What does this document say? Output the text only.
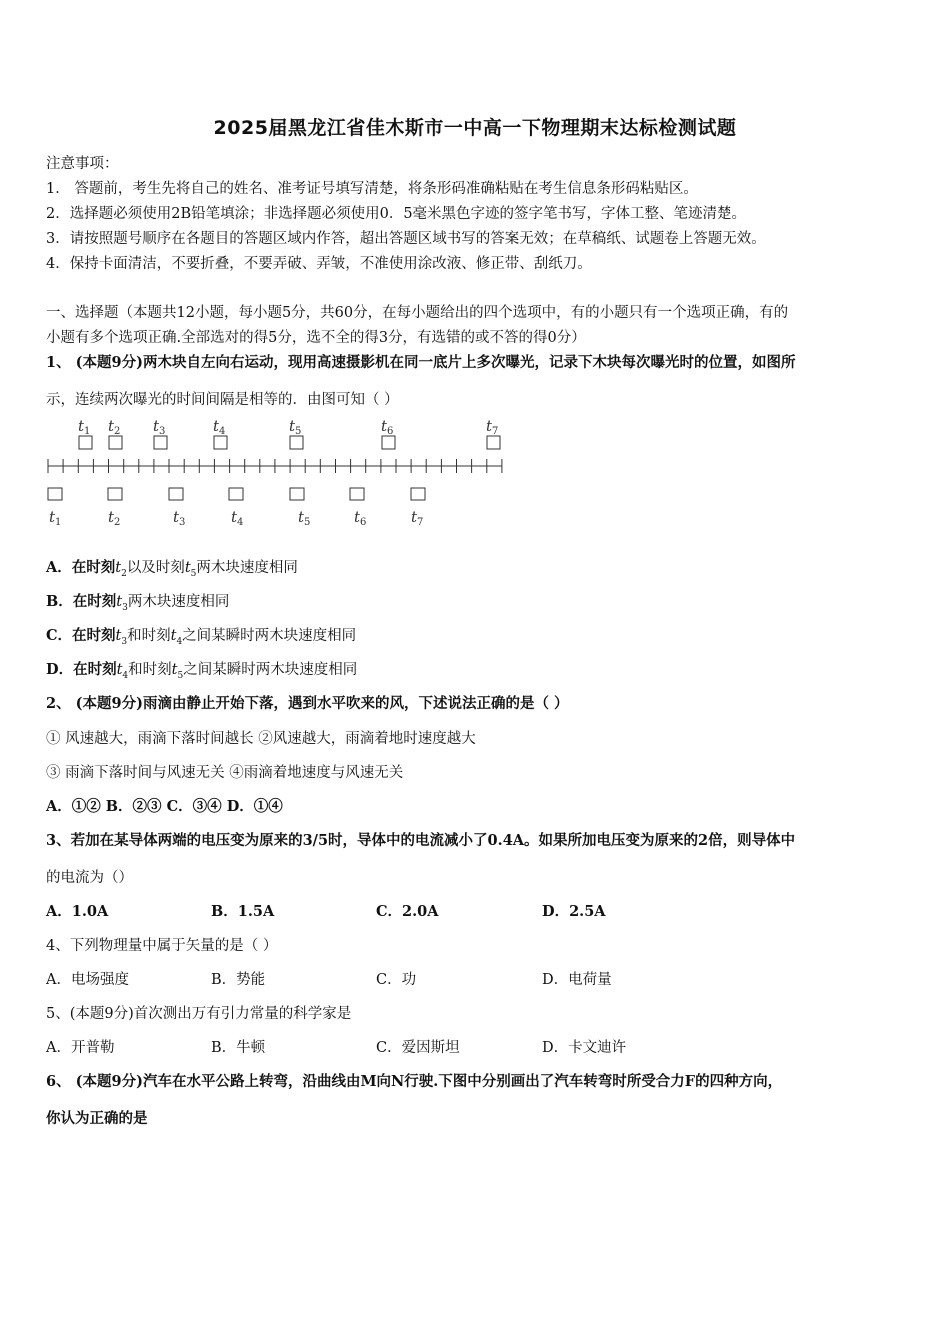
2025届黑龙江省佳木斯市一中高一下物理期末达标检测试题
注意事项：
1． 答题前，考生先将自己的姓名、准考证号填写清楚，将条形码准确粘贴在考生信息条形码粘贴区。
2．选择题必须使用2B铅笔填涂；非选择题必须使用0．5毫米黑色字迹的签字笔书写，字体工整、笔迹清楚。
3．请按照题号顺序在各题目的答题区域内作答，超出答题区域书写的答案无效；在草稿纸、试题卷上答题无效。
4．保持卡面清洁，不要折叠，不要弄破、弄皱，不准使用涂改液、修正带、刮纸刀。
一、选择题（本题共12小题，每小题5分，共60分，在每小题给出的四个选项中，有的小题只有一个选项正确，有的
小题有多个选项正确.全部选对的得5分，选不全的得3分，有选错的或不答的得0分）
1、 (本题9分)两木块自左向右运动，现用高速摄影机在同一底片上多次曝光，记录下木块每次曝光时的位置，如图所
示，连续两次曝光的时间间隔是相等的．由图可知（ ）
$t_1$ $t_2$ $t_3$	$t_4$	$t_5$	$t_6$	$t_7$
$t_1$	$t_2$	$t_3$	$t_4$	$t_5$	$t_6$	$t_7$
A．在时刻$t_2$以及时刻$t_5$两木块速度相同
B．在时刻$t_3$两木块速度相同
C．在时刻$t_3$和时刻$t_4$之间某瞬时两木块速度相同
D．在时刻$t_4$和时刻$t_5$之间某瞬时两木块速度相同
2、 (本题9分)雨滴由静止开始下落，遇到水平吹来的风，下述说法正确的是（ ）
① 风速越大，雨滴下落时间越长 ②风速越大，雨滴着地时速度越大
③ 雨滴下落时间与风速无关 ④雨滴着地速度与风速无关
A．①② B．②③ C．③④ D．①④
3、若加在某导体两端的电压变为原来的3/5时，导体中的电流减小了0.4A。如果所加电压变为原来的2倍，则导体中
的电流为（）
A．1.0A	B．1.5A	C．2.0A	D．2.5A
4、下列物理量中属于矢量的是（ ）
A．电场强度	B．势能	C．功	D．电荷量
5、(本题9分)首次测出万有引力常量的科学家是
A．开普勒	B．牛顿	C．爱因斯坦	D．卡文迪许
6、 (本题9分)汽车在水平公路上转弯，沿曲线由M向N行驶.下图中分别画出了汽车转弯时所受合力F的四种方向，
你认为正确的是
